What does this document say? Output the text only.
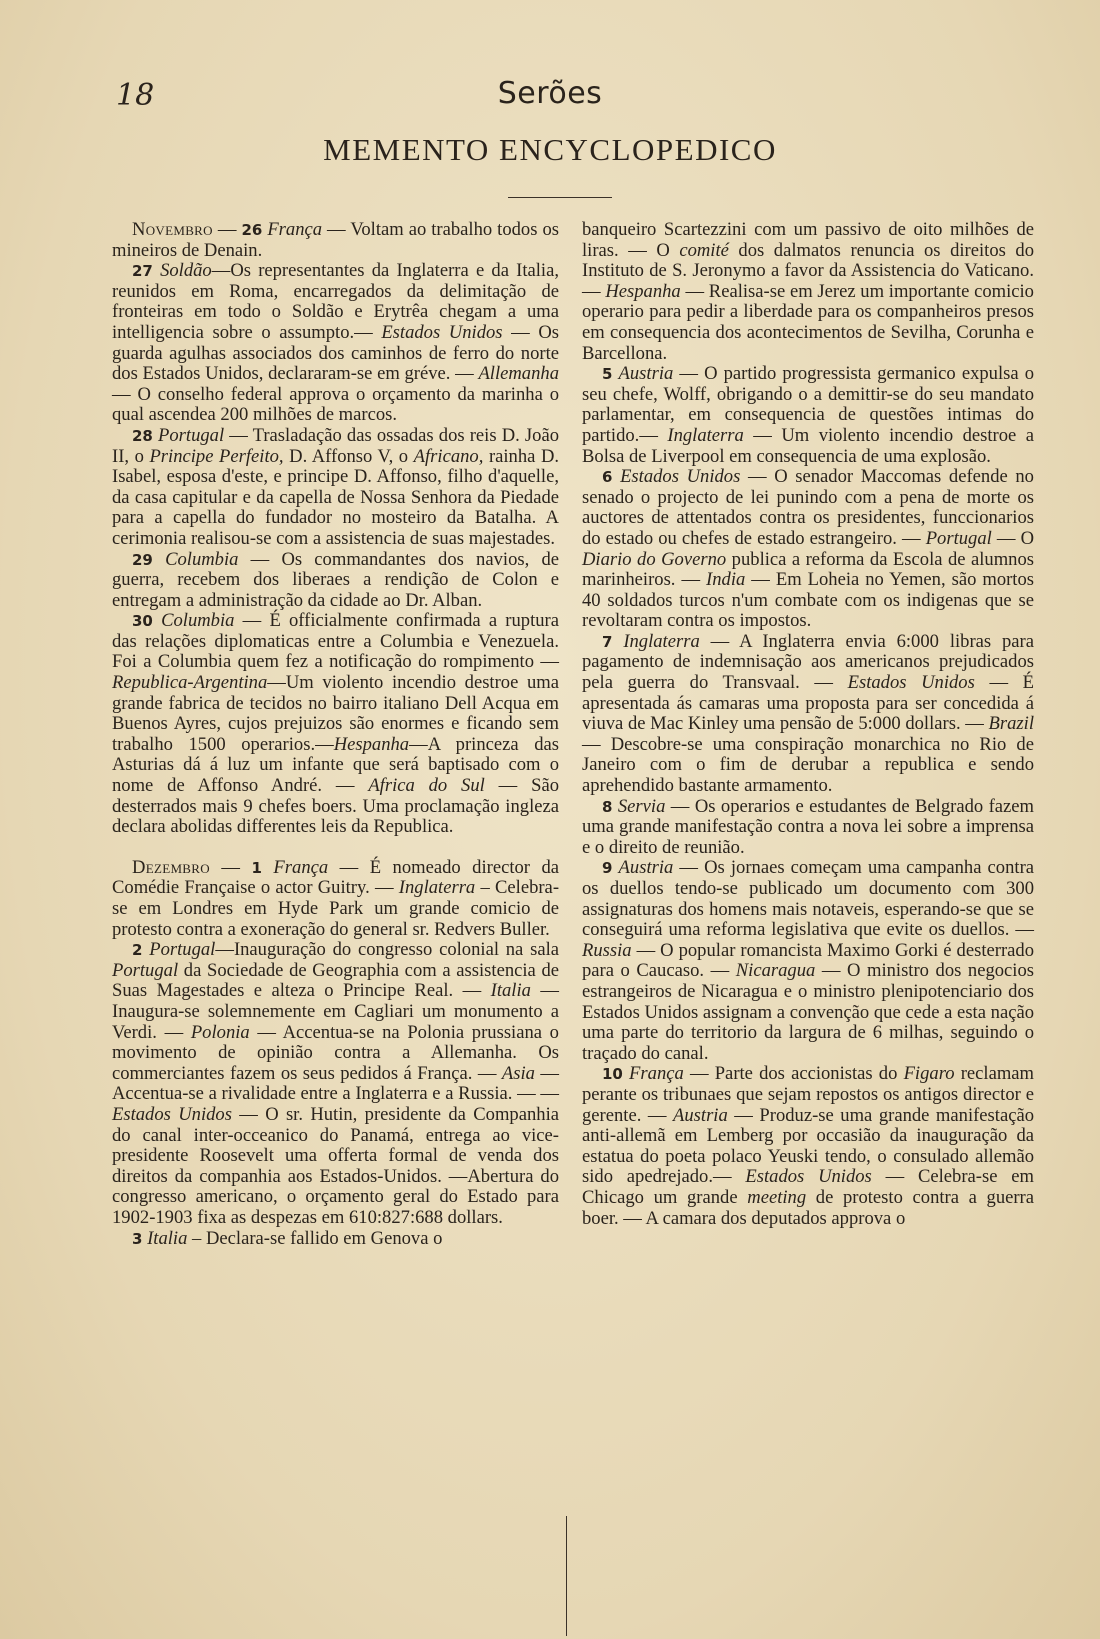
18	Serões
MEMENTO ENCYCLOPEDICO

Novembro — 26 França — Voltam ao trabalho todos os mineiros de Denain.

27 Soldão—Os representantes da Inglaterra e da Italia, reunidos em Roma, encarregados da delimitação de fronteiras em todo o Soldão e Erytrêa chegam a uma intelligencia sobre o assumpto.— Estados Unidos — Os guarda agulhas associados dos caminhos de ferro do norte dos Estados Unidos, declararam-se em gréve. — Allemanha — O conselho federal approva o orçamento da marinha o qual ascendea 200 milhões de marcos.

28 Portugal — Trasladação das ossadas dos reis D. João II, o Principe Perfeito, D. Affonso V, o Africano, rainha D. Isabel, esposa d'este, e principe D. Affonso, filho d'aquelle, da casa capitular e da capella de Nossa Senhora da Piedade para a capella do fundador no mosteiro da Batalha. A cerimonia realisou-se com a assistencia de suas majestades.

29 Columbia — Os commandantes dos navios, de guerra, recebem dos liberaes a rendição de Colon e entregam a administração da cidade ao Dr. Alban.

30 Columbia — É officialmente confirmada a ruptura das relações diplomaticas entre a Columbia e Venezuela. Foi a Columbia quem fez a notificação do rompimento — Republica-Argentina—Um violento incendio destroe uma grande fabrica de tecidos no bairro italiano Dell Acqua em Buenos Ayres, cujos prejuizos são enormes e ficando sem trabalho 1500 operarios.—Hespanha—A princeza das Asturias dá á luz um infante que será baptisado com o nome de Affonso André. — Africa do Sul — São desterrados mais 9 chefes boers. Uma proclamação ingleza declara abolidas differentes leis da Republica.

Dezembro — 1 França — É nomeado director da Comédie Française o actor Guitry. — Inglaterra – Celebra-se em Londres em Hyde Park um grande comicio de protesto contra a exoneração do general sr. Redvers Buller.

2 Portugal—Inauguração do congresso colonial na sala Portugal da Sociedade de Geographia com a assistencia de Suas Magestades e alteza o Principe Real. — Italia — Inaugura-se solemnemente em Cagliari um monumento a Verdi. — Polonia — Accentua-se na Polonia prussiana o movimento de opinião contra a Allemanha. Os commerciantes fazem os seus pedidos á França. — Asia — Accentua-se a rivalidade entre a Inglaterra e a Russia. — — Estados Unidos — O sr. Hutin, presidente da Companhia do canal inter-occeanico do Panamá, entrega ao vice-presidente Roosevelt uma offerta formal de venda dos direitos da companhia aos Estados-Unidos. —Abertura do congresso americano, o orçamento geral do Estado para 1902-1903 fixa as despezas em 610:827:688 dollars.

3 Italia – Declara-se fallido em Genova o

banqueiro Scartezzini com um passivo de oito milhões de liras. — O comité dos dalmatos renuncia os direitos do Instituto de S. Jeronymo a favor da Assistencia do Vaticano. — Hespanha — Realisa-se em Jerez um importante comicio operario para pedir a liberdade para os companheiros presos em consequencia dos acontecimentos de Sevilha, Corunha e Barcellona.

5 Austria — O partido progressista germanico expulsa o seu chefe, Wolff, obrigando o a demittir-se do seu mandato parlamentar, em consequencia de questões intimas do partido.— Inglaterra — Um violento incendio destroe a Bolsa de Liverpool em consequencia de uma explosão.

6 Estados Unidos — O senador Maccomas defende no senado o projecto de lei punindo com a pena de morte os auctores de attentados contra os presidentes, funccionarios do estado ou chefes de estado estrangeiro. — Portugal — O Diario do Governo publica a reforma da Escola de alumnos marinheiros. — India — Em Loheia no Yemen, são mortos 40 soldados turcos n'um combate com os indigenas que se revoltaram contra os impostos.

7 Inglaterra — A Inglaterra envia 6:000 libras para pagamento de indemnisação aos americanos prejudicados pela guerra do Transvaal. — Estados Unidos — É apresentada ás camaras uma proposta para ser concedida á viuva de Mac Kinley uma pensão de 5:000 dollars. — Brazil — Descobre-se uma conspiração monarchica no Rio de Janeiro com o fim de derubar a republica e sendo aprehendido bastante armamento.

8 Servia — Os operarios e estudantes de Belgrado fazem uma grande manifestação contra a nova lei sobre a imprensa e o direito de reunião.

9 Austria — Os jornaes começam uma campanha contra os duellos tendo-se publicado um documento com 300 assignaturas dos homens mais notaveis, esperando-se que se conseguirá uma reforma legislativa que evite os duellos. — Russia — O popular romancista Maximo Gorki é desterrado para o Caucaso. — Nicaragua — O ministro dos negocios estrangeiros de Nicaragua e o ministro plenipotenciario dos Estados Unidos assignam a convenção que cede a esta nação uma parte do territorio da largura de 6 milhas, seguindo o traçado do canal.

10 França — Parte dos accionistas do Figaro reclamam perante os tribunaes que sejam repostos os antigos director e gerente. — Austria — Produz-se uma grande manifestação anti-allemã em Lemberg por occasião da inauguração da estatua do poeta polaco Yeuski tendo, o consulado allemão sido apedrejado.— Estados Unidos — Celebra-se em Chicago um grande meeting de protesto contra a guerra boer. — A camara dos deputados approva o
